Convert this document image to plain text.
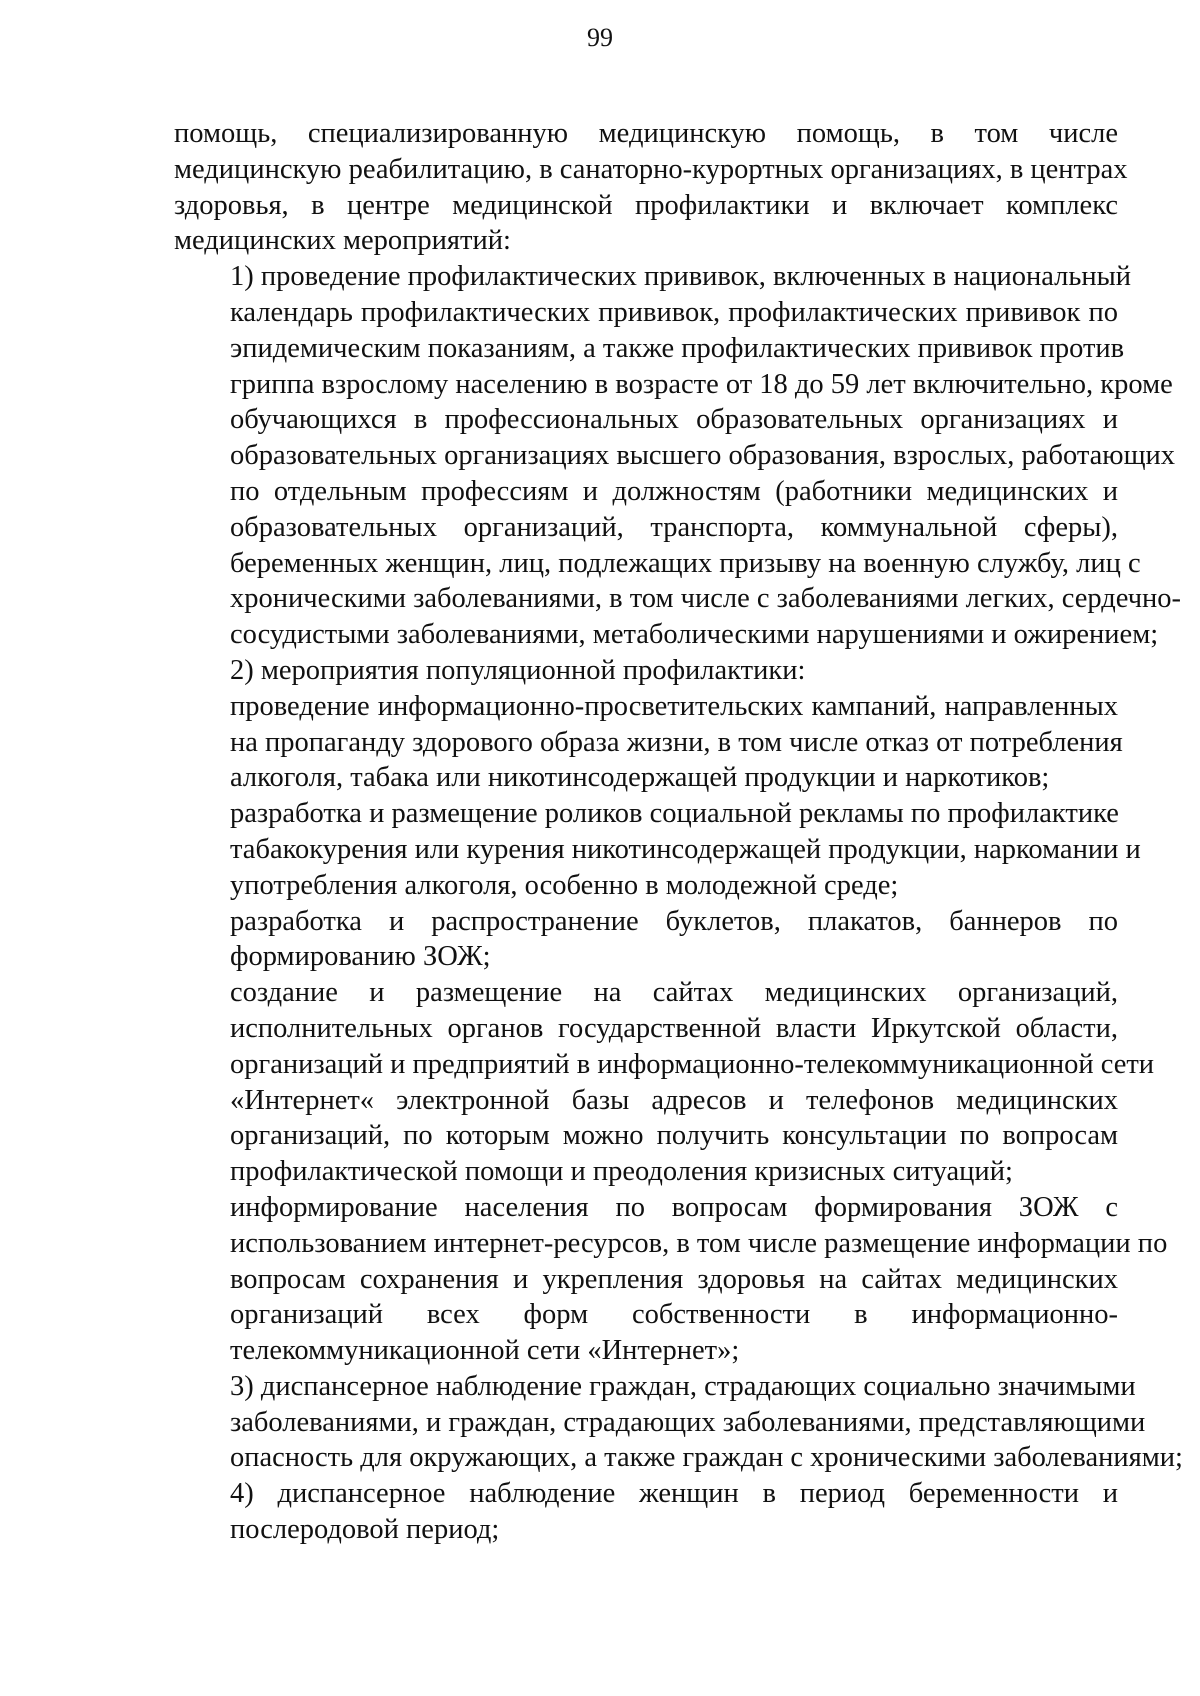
99

помощь, специализированную медицинскую помощь, в том числе
медицинскую реабилитацию, в санаторно-курортных организациях, в центрах
здоровья, в центре медицинской профилактики и включает комплекс
медицинских мероприятий:

1) проведение профилактических прививок, включенных в национальный
календарь профилактических прививок, профилактических прививок по
эпидемическим показаниям, а также профилактических прививок против
гриппа взрослому населению в возрасте от 18 до 59 лет включительно, кроме
обучающихся в профессиональных образовательных организациях и
образовательных организациях высшего образования, взрослых, работающих
по отдельным профессиям и должностям (работники медицинских и
образовательных организаций, транспорта, коммунальной сферы),
беременных женщин, лиц, подлежащих призыву на военную службу, лиц с
хроническими заболеваниями, в том числе с заболеваниями легких, сердечно-
сосудистыми заболеваниями, метаболическими нарушениями и ожирением;

2) мероприятия популяционной профилактики:

проведение информационно-просветительских кампаний, направленных
на пропаганду здорового образа жизни, в том числе отказ от потребления
алкоголя, табака или никотинсодержащей продукции и наркотиков;

разработка и размещение роликов социальной рекламы по профилактике
табакокурения или курения никотинсодержащей продукции, наркомании и
употребления алкоголя, особенно в молодежной среде;

разработка и распространение буклетов, плакатов, баннеров по
формированию ЗОЖ;

создание и размещение на сайтах медицинских организаций,
исполнительных органов государственной власти Иркутской области,
организаций и предприятий в информационно-телекоммуникационной сети
«Интернет« электронной базы адресов и телефонов медицинских
организаций, по которым можно получить консультации по вопросам
профилактической помощи и преодоления кризисных ситуаций;

информирование населения по вопросам формирования ЗОЖ с
использованием интернет-ресурсов, в том числе размещение информации по
вопросам сохранения и укрепления здоровья на сайтах медицинских
организаций всех форм собственности в информационно-
телекоммуникационной сети «Интернет»;

3) диспансерное наблюдение граждан, страдающих социально значимыми
заболеваниями, и граждан, страдающих заболеваниями, представляющими
опасность для окружающих, а также граждан с хроническими заболеваниями;

4) диспансерное наблюдение женщин в период беременности и
послеродовой период;
